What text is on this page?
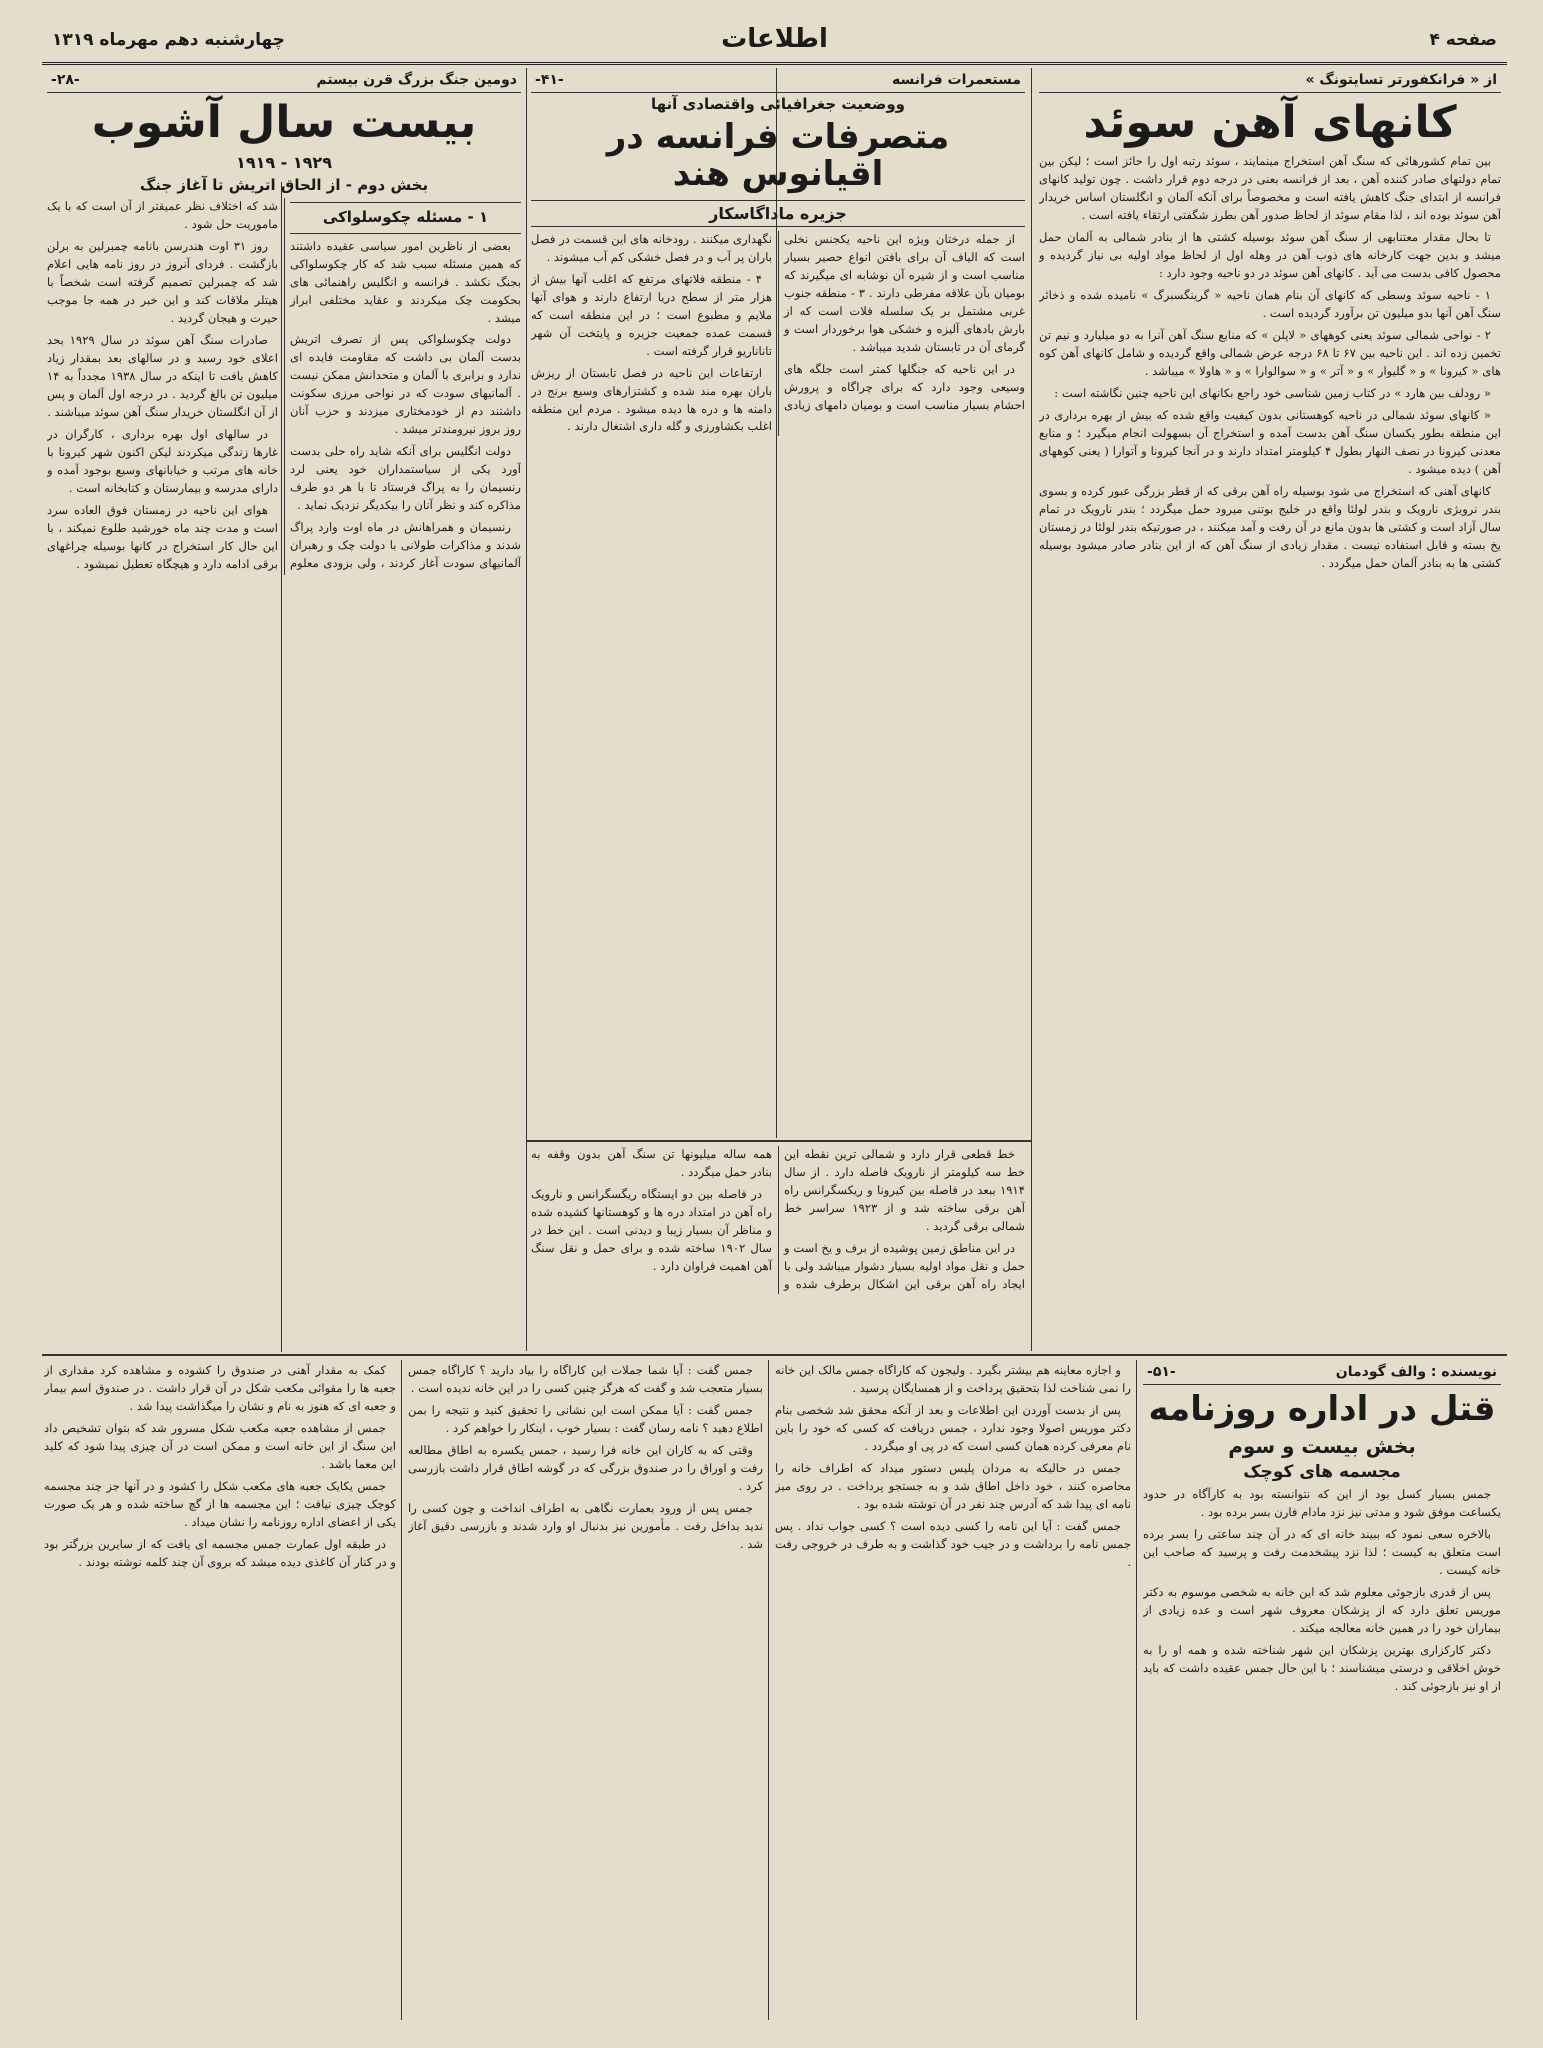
صفحه ۴
اطلاعات
چهارشنبه دهم مهرماه ۱۳۱۹
از « فرانکفورتر تسایتونگ »
کانهای آهن سوئد

بین تمام کشورهائی که سنگ آهن استخراج مینمایند ، سوئد رتبه اول را حائز است ؛ لیکن بین تمام دولتهای صادر کننده آهن ، بعد از فرانسه بعنی در درجه دوم قرار داشت . چون تولید کانهای فرانسه از ابتدای جنگ کاهش یافته است و مخصوصاً برای آنکه آلمان و انگلستان اساس خریدار آهن سوئد بوده اند ، لذا مقام سوئد از لحاظ صدور آهن بطرز شگفتی ارتقاء یافته است .

تا بحال مقدار معتنابهی از سنگ آهن سوئد بوسیله کشتی ها از بنادر شمالی به آلمان حمل میشد و بدین جهت کارخانه های ذوب آهن در وهله اول از لحاظ مواد اولیه بی نیاز گردیده و محصول کافی بدست می آید . کانهای آهن سوئد در دو ناحیه وجود دارد :

۱ - ناحیه سوئد وسطی که کانهای آن بنام همان ناحیه « گرینگسبرگ » نامیده شده و ذخائر سنگ آهن آنها بدو میلیون تن برآورد گردیده است .

۲ - نواحی شمالی سوئد یعنی کوههای « لاپلن » که منابع سنگ آهن آنرا به دو میلیارد و نیم تن تخمین زده اند . این ناحیه بین ۶۷ تا ۶۸ درجه عرض شمالی واقع گردیده و شامل کانهای آهن کوه های « کیرونا » و « گلیوار » و « آتر » و « سوالوارا » و « هاولا » میباشد .

« رودلف بین هارد » در کتاب زمین شناسی خود راجع بکانهای این ناحیه چنین نگاشته است :

« کانهای سوئد شمالی در ناحیه کوهستانی بدون کیفیت واقع شده که بیش از بهره برداری در این منطقه بطور یکسان سنگ آهن بدست آمده و استخراج آن بسهولت انجام میگیرد ؛ و منابع معدنی کیرونا در نصف النهار بطول ۴ کیلومتر امتداد دارند و در آنجا کیرونا و آتوارا ( یعنی کوههای آهن ) دیده میشود .

کانهای آهنی که استخراج می شود بوسیله راه آهن برقی که از قطر بزرگی عبور کرده و بسوی بندر نرویژی نارویک و بندر لولئا واقع در خلیج بوتنی میرود حمل میگردد ؛ بندر نارویک در تمام سال آزاد است و کشتی ها بدون مانع در آن رفت و آمد میکنند ، در صورتیکه بندر لولئا در زمستان یخ بسته و قابل استفاده نیست . مقدار زیادی از سنگ آهن که از این بنادر صادر میشود بوسیله کشتی ها به بنادر آلمان حمل میگردد .

مستعمرات فرانسه
-۴۱-
ووضعیت جغرافیائی واقتصادی آنها
متصرفات فرانسه در اقیانوس هند
جزیره ماداگاسکار

از جمله درختان ویژه این ناحیه یکجنس نخلی است که الیاف آن برای بافتن انواع حصیر بسیار مناسب است و از شیره آن نوشابه ای میگیرند که بومیان بآن علاقه مفرطی دارند . ۳ - منطقه جنوب غربی مشتمل بر یک سلسله فلات است که از بارش بادهای آلیزه و خشکی هوا برخوردار است و گرمای آن در تابستان شدید میباشد .

در این ناحیه که جنگلها کمتر است جلگه های وسیعی وجود دارد که برای چراگاه و پرورش احشام بسیار مناسب است و بومیان دامهای زیادی نگهداری میکنند . رودخانه های این قسمت در فصل باران پر آب و در فصل خشکی کم آب میشوند .

۴ - منطقه فلاتهای مرتفع که اغلب آنها بیش از هزار متر از سطح دریا ارتفاع دارند و هوای آنها ملایم و مطبوع است ؛ در این منطقه است که قسمت عمده جمعیت جزیره و پایتخت آن شهر تاناناریو قرار گرفته است .

ارتفاعات این ناحیه در فصل تابستان از ریزش باران بهره مند شده و کشتزارهای وسیع برنج در دامنه ها و دره ها دیده میشود . مردم این منطقه اغلب بکشاورزی و گله داری اشتغال دارند .

خط قطعی قرار دارد و شمالی ترین نقطه این خط سه کیلومتر از نارویک فاصله دارد . از سال ۱۹۱۴ ببعد در فاصله بین کیرونا و ریکسگرانس راه آهن برقی ساخته شد و از ۱۹۲۳ سراسر خط شمالی برقی گردید .

در این مناطق زمین پوشیده از برف و یخ است و حمل و نقل مواد اولیه بسیار دشوار میباشد ولی با ایجاد راه آهن برقی این اشکال برطرف شده و همه ساله میلیونها تن سنگ آهن بدون وقفه به بنادر حمل میگردد .

در فاصله بین دو ایستگاه ریگسگرانس و نارویک راه آهن در امتداد دره ها و کوهستانها کشیده شده و مناظر آن بسیار زیبا و دیدنی است . این خط در سال ۱۹۰۲ ساخته شده و برای حمل و نقل سنگ آهن اهمیت فراوان دارد .

دومین جنگ بزرگ قرن بیستم
-۲۸-
بیست سال آشوب
۱۹۲۹ - ۱۹۱۹
بخش دوم - از الحاق اتریش تا آغاز جنگ
۱ - مسئله چکوسلواکی

بعضی از ناظرین امور سیاسی عقیده داشتند که همین مسئله سبب شد که کار چکوسلواکی بجنگ نکشد . فرانسه و انگلیس راهنمائی های بحکومت چک میکردند و عقاید مختلفی ابراز میشد .

دولت چکوسلواکی پس از تصرف اتریش بدست آلمان بی داشت که مقاومت فایده ای ندارد و برابری با آلمان و متحدانش ممکن نیست . آلمانیهای سودت که در نواحی مرزی سکونت داشتند دم از خودمختاری میزدند و حزب آنان روز بروز نیرومندتر میشد .

دولت انگلیس برای آنکه شاید راه حلی بدست آورد یکی از سیاستمداران خود یعنی لرد رنسیمان را به پراگ فرستاد تا با هر دو طرف مذاکره کند و نظر آنان را بیکدیگر نزدیک نماید .

رنسیمان و همراهانش در ماه اوت وارد پراگ شدند و مذاکرات طولانی با دولت چک و رهبران آلمانیهای سودت آغاز کردند ، ولی بزودی معلوم شد که اختلاف نظر عمیقتر از آن است که با یک ماموریت حل شود .

روز ۳۱ اوت هندرسن بانامه چمبرلین به برلن بازگشت . فردای آنروز در روز نامه هایی اعلام شد که چمبرلین تصمیم گرفته است شخصاً با هیتلر ملاقات کند و این خبر در همه جا موجب حیرت و هیجان گردید .

صادرات سنگ آهن سوئد در سال ۱۹۲۹ بحد اعلای خود رسید و در سالهای بعد بمقدار زیاد کاهش یافت تا اینکه در سال ۱۹۳۸ مجدداً به ۱۴ میلیون تن بالغ گردید . در درجه اول آلمان و پس از آن انگلستان خریدار سنگ آهن سوئد میباشند .

در سالهای اول بهره برداری ، کارگران در غارها زندگی میکردند لیکن اکنون شهر کیرونا با خانه های مرتب و خیابانهای وسیع بوجود آمده و دارای مدرسه و بیمارستان و کتابخانه است .

هوای این ناحیه در زمستان فوق العاده سرد است و مدت چند ماه خورشید طلوع نمیکند ، با این حال کار استخراج در کانها بوسیله چراغهای برقی ادامه دارد و هیچگاه تعطیل نمیشود .

نویسنده : والف گودمان
-۵۱-
قتل در اداره روزنامه
بخش بیست و سوم
مجسمه های کوچک

جمس بسیار کسل بود از این که نتوانسته بود به کارآگاه در حدود یکساعت موفق شود و مدتی نیز نزد مادام فارن بسر برده بود .

بالاخره سعی نمود که ببیند خانه ای که در آن چند ساعتی را بسر برده است متعلق به کیست ؛ لذا نزد پیشخدمت رفت و پرسید که صاحب این خانه کیست .

پس از قدری بازجوئی معلوم شد که این خانه به شخصی موسوم به دکتر موریس تعلق دارد که از پزشکان معروف شهر است و عده زیادی از بیماران خود را در همین خانه معالجه میکند .

دکتر کارکزاری بهترین پزشکان این شهر شناخته شده و همه او را به خوش اخلاقی و درستی میشناسند ؛ با این حال جمس عقیده داشت که باید از او نیز بازجوئی کند .

و اجازه معاینه هم بیشتر بگیرد . ولیجون که کاراگاه جمس مالک این خانه را نمی شناخت لذا بتحقیق پرداخت و از همسایگان پرسید .

پس از بدست آوردن این اطلاعات و بعد از آنکه محقق شد شخصی بنام دکتر موریس اصولا وجود ندارد ، جمس دریافت که کسی که خود را باین نام معرفی کرده همان کسی است که در پی او میگردد .

جمس در حالیکه به مردان پلیس دستور میداد که اطراف خانه را محاصره کنند ، خود داخل اطاق شد و به جستجو پرداخت . در روی میز نامه ای پیدا شد که آدرس چند نفر در آن نوشته شده بود .

جمس گفت : آیا این نامه را کسی دیده است ؟ کسی جواب نداد . پس جمس نامه را برداشت و در جیب خود گذاشت و به طرف در خروجی رفت .

جمس گفت : آیا شما جملات این کاراگاه را بیاد دارید ؟ کاراگاه جمس بسیار متعجب شد و گفت که هرگز چنین کسی را در این خانه ندیده است .

جمس گفت : آیا ممکن است این نشانی را تحقیق کنید و نتیجه را بمن اطلاع دهید ؟ نامه رسان گفت : بسیار خوب ، اینکار را خواهم کرد .

وقتی که به کاران این خانه فرا رسید ، جمس یکسره به اطاق مطالعه رفت و اوراق را در صندوق بزرگی که در گوشه اطاق قرار داشت بازرسی کرد .

جمس پس از ورود بعمارت نگاهی به اطراف انداخت و چون کسی را ندید بداخل رفت . مأمورین نیز بدنبال او وارد شدند و بازرسی دقیق آغاز شد .

کمک به مقدار آهنی در صندوق را کشوده و مشاهده کرد مقداری از جعبه ها را مقوائی مکعب شکل در آن قرار داشت . در صندوق اسم بیمار و جعبه ای که هنوز به نام و نشان را میگذاشت پیدا شد .

جمس از مشاهده جعبه مکعب شکل مسرور شد که بتوان تشخیص داد این سنگ از این خانه است و ممکن است در آن چیزی پیدا شود که کلید این معما باشد .

جمس یکایک جعبه های مکعب شکل را کشود و در آنها جز چند مجسمه کوچک چیزی نیافت ؛ این مجسمه ها از گچ ساخته شده و هر یک صورت یکی از اعضای اداره روزنامه را نشان میداد .

در طبقه اول عمارت جمس مجسمه ای یافت که از سایرین بزرگتر بود و در کنار آن کاغذی دیده میشد که بروی آن چند کلمه نوشته بودند .
